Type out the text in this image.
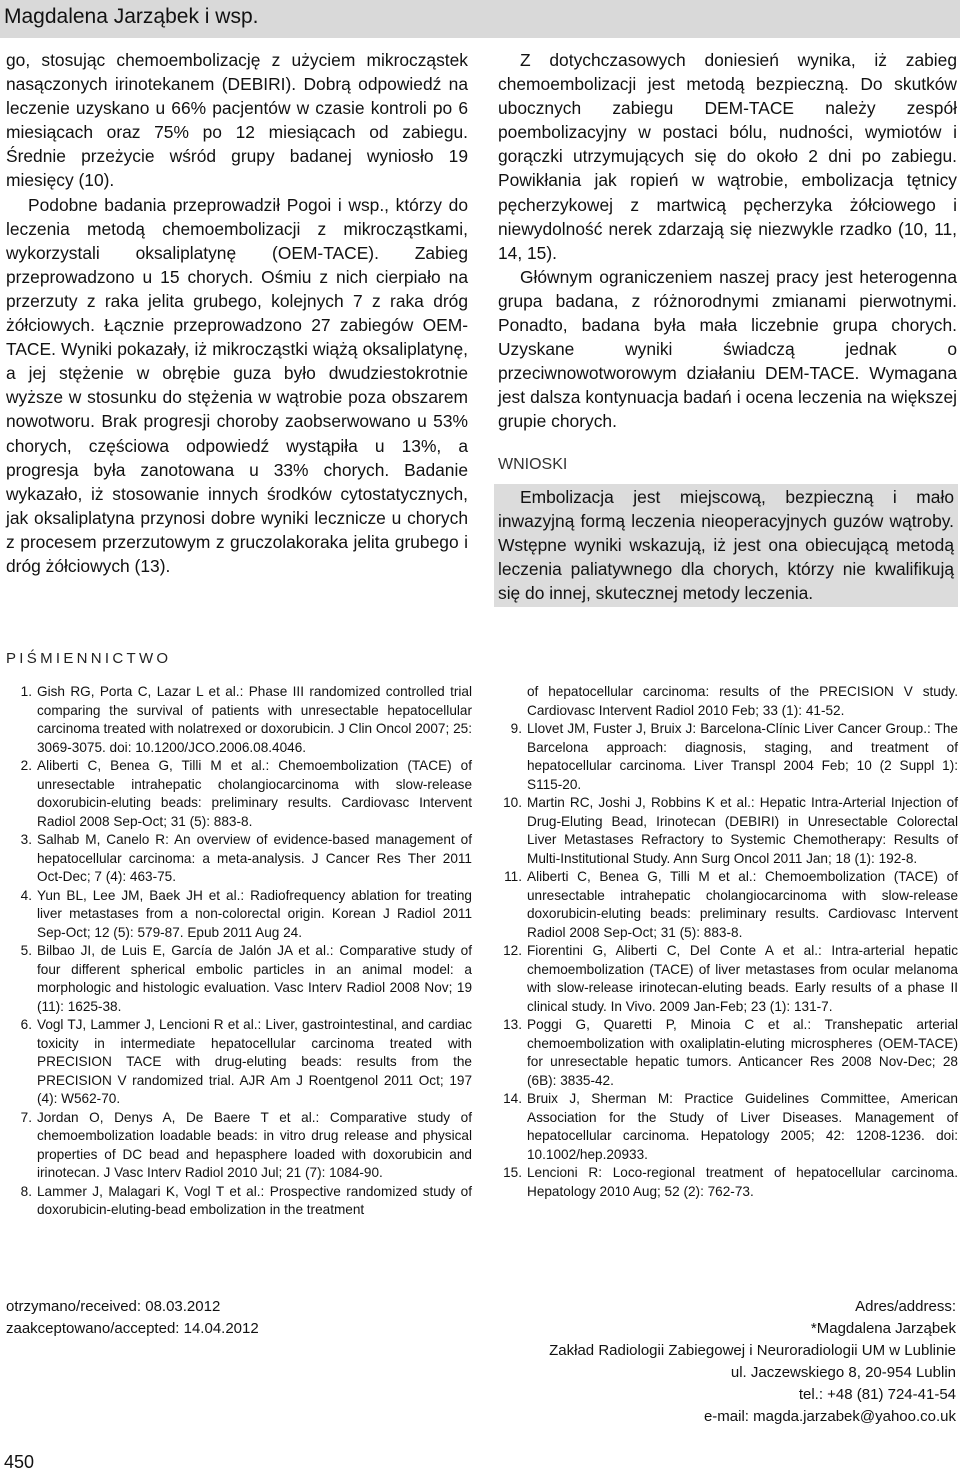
Magdalena Jarząbek i wsp.

go, stosując chemoembolizację z użyciem mikrocząstek nasączonych irinotekanem (DEBIRI). Dobrą odpowiedź na leczenie uzyskano u 66% pacjentów w czasie kontroli po 6 miesiącach oraz 75% po 12 miesiącach od zabiegu. Średnie przeżycie wśród grupy badanej wyniosło 19 miesięcy (10).

Podobne badania przeprowadził Pogoi i wsp., którzy do leczenia metodą chemoembolizacji z mikrocząstkami, wykorzystali oksaliplatynę (OEM-TACE). Zabieg przeprowadzono u 15 chorych. Ośmiu z nich cierpiało na przerzuty z raka jelita grubego, kolejnych 7 z raka dróg żółciowych. Łącznie przeprowadzono 27 zabiegów OEM-TACE. Wyniki pokazały, iż mikrocząstki wiążą oksaliplatynę, a jej stężenie w obrębie guza było dwudziestokrotnie wyższe w stosunku do stężenia w wątrobie poza obszarem nowotworu. Brak progresji choroby zaobserwowano u 53% chorych, częściowa odpowiedź wystąpiła u 13%, a progresja była zanotowana u 33% chorych. Badanie wykazało, iż stosowanie innych środków cytostatycznych, jak oksaliplatyna przynosi dobre wyniki lecznicze u chorych z procesem przerzutowym z gruczolakoraka jelita grubego i dróg żółciowych (13).

Z dotychczasowych doniesień wynika, iż zabieg chemoembolizacji jest metodą bezpieczną. Do skutków ubocznych zabiegu DEM-TACE należy zespół poembolizacyjny w postaci bólu, nudności, wymiotów i gorączki utrzymujących się do około 2 dni po zabiegu. Powikłania jak ropień w wątrobie, embolizacja tętnicy pęcherzykowej z martwicą pęcherzyka żółciowego i niewydolność nerek zdarzają się niezwykle rzadko (10, 11, 14, 15).

Głównym ograniczeniem naszej pracy jest heterogenna grupa badana, z różnorodnymi zmianami pierwotnymi. Ponadto, badana była mała liczebnie grupa chorych. Uzyskane wyniki świadczą jednak o przeciwnowotworowym działaniu DEM-TACE. Wymagana jest dalsza kontynuacja badań i ocena leczenia na większej grupie chorych.

WNIOSKI

Embolizacja jest miejscową, bezpieczną i mało inwazyjną formą leczenia nieoperacyjnych guzów wątroby. Wstępne wyniki wskazują, iż jest ona obiecującą metodą leczenia paliatywnego dla chorych, którzy nie kwalifikują się do innej, skutecznej metody leczenia.

PIŚMIENNICTWO
1. Gish RG, Porta C, Lazar L et al.: Phase III randomized controlled trial comparing the survival of patients with unresectable hepatocellular carcinoma treated with nolatrexed or doxorubicin. J Clin Oncol 2007; 25: 3069-3075. doi: 10.1200/JCO.2006.08.4046.
2. Aliberti C, Benea G, Tilli M et al.: Chemoembolization (TACE) of unresectable intrahepatic cholangiocarcinoma with slow-release doxorubicin-eluting beads: preliminary results. Cardiovasc Intervent Radiol 2008 Sep-Oct; 31 (5): 883-8.
3. Salhab M, Canelo R: An overview of evidence-based management of hepatocellular carcinoma: a meta-analysis. J Cancer Res Ther 2011 Oct-Dec; 7 (4): 463-75.
4. Yun BL, Lee JM, Baek JH et al.: Radiofrequency ablation for treating liver metastases from a non-colorectal origin. Korean J Radiol 2011 Sep-Oct; 12 (5): 579-87. Epub 2011 Aug 24.
5. Bilbao JI, de Luis E, García de Jalón JA et al.: Comparative study of four different spherical embolic particles in an animal model: a morphologic and histologic evaluation. Vasc Interv Radiol 2008 Nov; 19 (11): 1625-38.
6. Vogl TJ, Lammer J, Lencioni R et al.: Liver, gastrointestinal, and cardiac toxicity in intermediate hepatocellular carcinoma treated with PRECISION TACE with drug-eluting beads: results from the PRECISION V randomized trial. AJR Am J Roentgenol 2011 Oct; 197 (4): W562-70.
7. Jordan O, Denys A, De Baere T et al.: Comparative study of chemoembolization loadable beads: in vitro drug release and physical properties of DC bead and hepasphere loaded with doxorubicin and irinotecan. J Vasc Interv Radiol 2010 Jul; 21 (7): 1084-90.
8. Lammer J, Malagari K, Vogl T et al.: Prospective randomized study of doxorubicin-eluting-bead embolization in the treatment
of hepatocellular carcinoma: results of the PRECISION V study. Cardiovasc Intervent Radiol 2010 Feb; 33 (1): 41-52.
9. Llovet JM, Fuster J, Bruix J: Barcelona-Clínic Liver Cancer Group.: The Barcelona approach: diagnosis, staging, and treatment of hepatocellular carcinoma. Liver Transpl 2004 Feb; 10 (2 Suppl 1): S115-20.
10. Martin RC, Joshi J, Robbins K et al.: Hepatic Intra-Arterial Injection of Drug-Eluting Bead, Irinotecan (DEBIRI) in Unresectable Colorectal Liver Metastases Refractory to Systemic Chemotherapy: Results of Multi-Institutional Study. Ann Surg Oncol 2011 Jan; 18 (1): 192-8.
11. Aliberti C, Benea G, Tilli M et al.: Chemoembolization (TACE) of unresectable intrahepatic cholangiocarcinoma with slow-release doxorubicin-eluting beads: preliminary results. Cardiovasc Intervent Radiol 2008 Sep-Oct; 31 (5): 883-8.
12. Fiorentini G, Aliberti C, Del Conte A et al.: Intra-arterial hepatic chemoembolization (TACE) of liver metastases from ocular melanoma with slow-release irinotecan-eluting beads. Early results of a phase II clinical study. In Vivo. 2009 Jan-Feb; 23 (1): 131-7.
13. Poggi G, Quaretti P, Minoia C et al.: Transhepatic arterial chemoembolization with oxaliplatin-eluting microspheres (OEM-TACE) for unresectable hepatic tumors. Anticancer Res 2008 Nov-Dec; 28 (6B): 3835-42.
14. Bruix J, Sherman M: Practice Guidelines Committee, American Association for the Study of Liver Diseases. Management of hepatocellular carcinoma. Hepatology 2005; 42: 1208-1236. doi: 10.1002/hep.20933.
15. Lencioni R: Loco-regional treatment of hepatocellular carcinoma. Hepatology 2010 Aug; 52 (2): 762-73.
otrzymano/received: 08.03.2012
zaakceptowano/accepted: 14.04.2012
Adres/address:
*Magdalena Jarząbek
Zakład Radiologii Zabiegowej i Neuroradiologii UM w Lublinie
ul. Jaczewskiego 8, 20-954 Lublin
tel.: +48 (81) 724-41-54
e-mail: magda.jarzabek@yahoo.co.uk
450
